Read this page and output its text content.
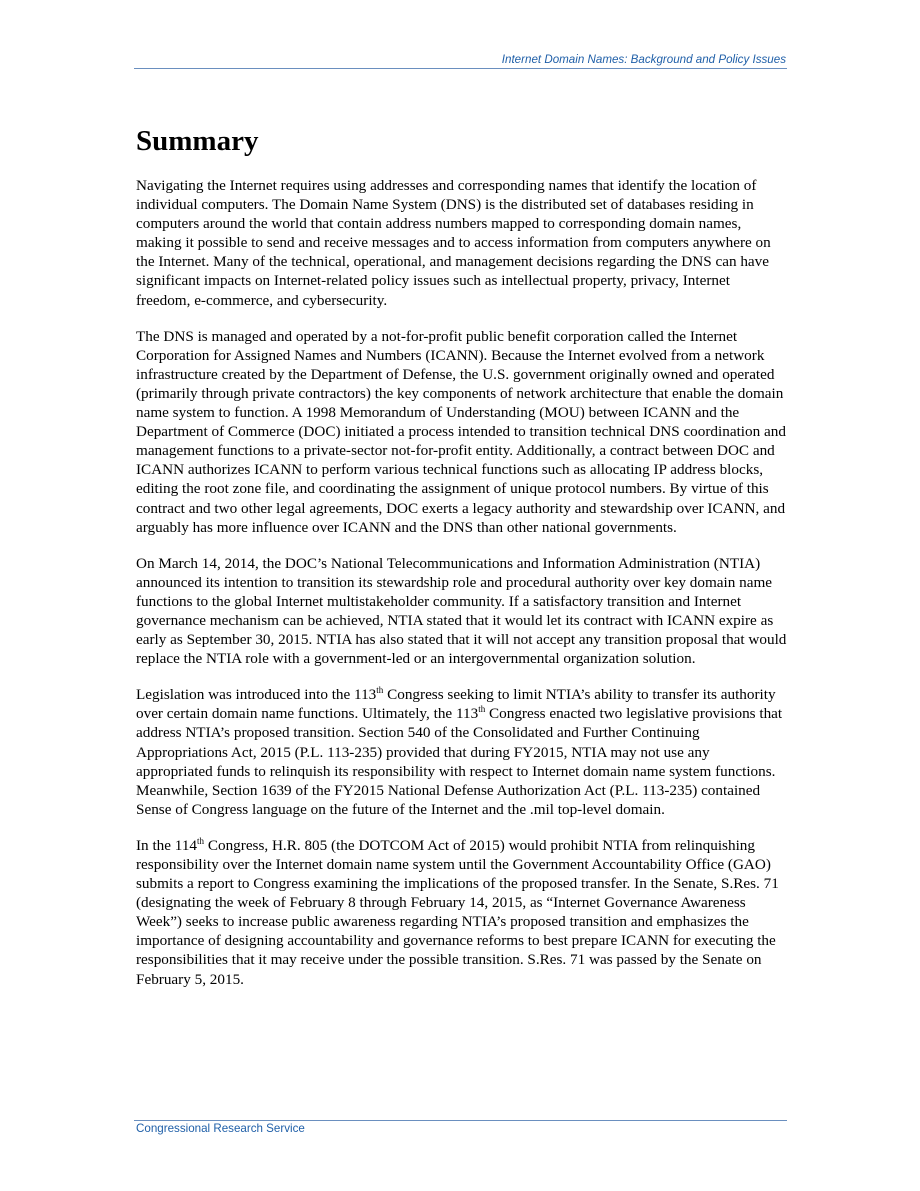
Internet Domain Names: Background and Policy Issues
Summary

Navigating the Internet requires using addresses and corresponding names that identify the location of individual computers. The Domain Name System (DNS) is the distributed set of databases residing in computers around the world that contain address numbers mapped to corresponding domain names, making it possible to send and receive messages and to access information from computers anywhere on the Internet. Many of the technical, operational, and management decisions regarding the DNS can have significant impacts on Internet-related policy issues such as intellectual property, privacy, Internet freedom, e-commerce, and cybersecurity.

The DNS is managed and operated by a not-for-profit public benefit corporation called the Internet Corporation for Assigned Names and Numbers (ICANN). Because the Internet evolved from a network infrastructure created by the Department of Defense, the U.S. government originally owned and operated (primarily through private contractors) the key components of network architecture that enable the domain name system to function. A 1998 Memorandum of Understanding (MOU) between ICANN and the Department of Commerce (DOC) initiated a process intended to transition technical DNS coordination and management functions to a private-sector not-for-profit entity. Additionally, a contract between DOC and ICANN authorizes ICANN to perform various technical functions such as allocating IP address blocks, editing the root zone file, and coordinating the assignment of unique protocol numbers. By virtue of this contract and two other legal agreements, DOC exerts a legacy authority and stewardship over ICANN, and arguably has more influence over ICANN and the DNS than other national governments.

On March 14, 2014, the DOC’s National Telecommunications and Information Administration (NTIA) announced its intention to transition its stewardship role and procedural authority over key domain name functions to the global Internet multistakeholder community. If a satisfactory transition and Internet governance mechanism can be achieved, NTIA stated that it would let its contract with ICANN expire as early as September 30, 2015. NTIA has also stated that it will not accept any transition proposal that would replace the NTIA role with a government-led or an intergovernmental organization solution.

Legislation was introduced into the 113th Congress seeking to limit NTIA’s ability to transfer its authority over certain domain name functions. Ultimately, the 113th Congress enacted two legislative provisions that address NTIA’s proposed transition. Section 540 of the Consolidated and Further Continuing Appropriations Act, 2015 (P.L. 113-235) provided that during FY2015, NTIA may not use any appropriated funds to relinquish its responsibility with respect to Internet domain name system functions. Meanwhile, Section 1639 of the FY2015 National Defense Authorization Act (P.L. 113-235) contained Sense of Congress language on the future of the Internet and the .mil top-level domain.

In the 114th Congress, H.R. 805 (the DOTCOM Act of 2015) would prohibit NTIA from relinquishing responsibility over the Internet domain name system until the Government Accountability Office (GAO) submits a report to Congress examining the implications of the proposed transfer. In the Senate, S.Res. 71 (designating the week of February 8 through February 14, 2015, as “Internet Governance Awareness Week”) seeks to increase public awareness regarding NTIA’s proposed transition and emphasizes the importance of designing accountability and governance reforms to best prepare ICANN for executing the responsibilities that it may receive under the possible transition. S.Res. 71 was passed by the Senate on February 5, 2015.

Congressional Research Service
